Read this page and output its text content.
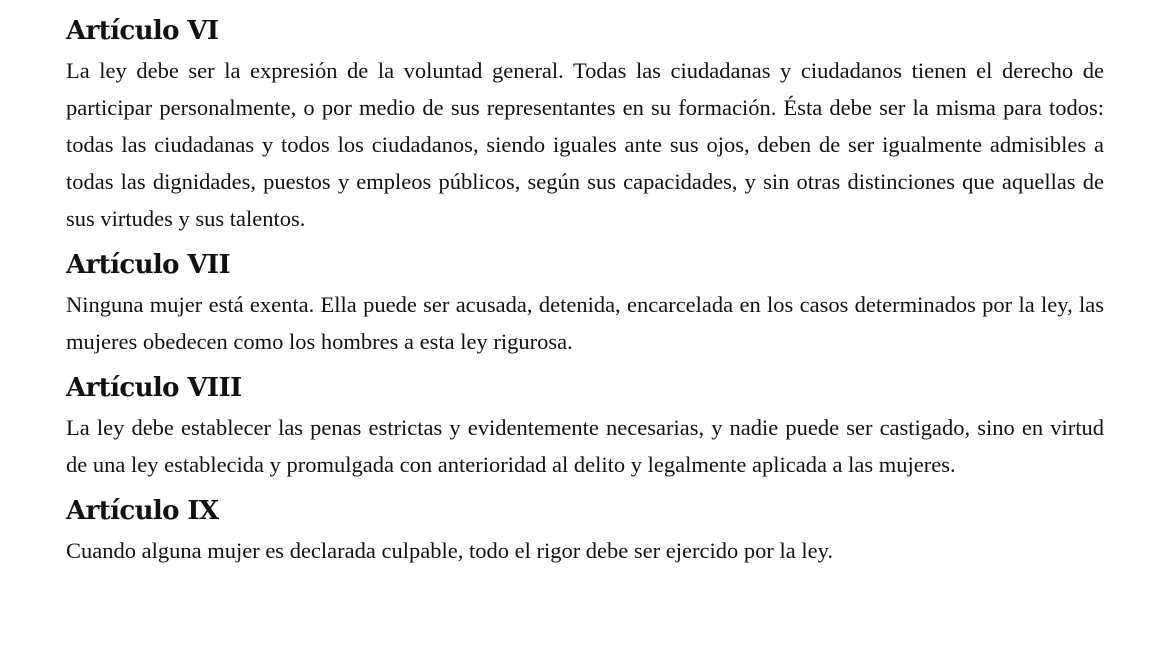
Artículo VI

La ley debe ser la expresión de la voluntad general. Todas las ciudadanas y ciudadanos tienen el derecho de participar personalmente, o por medio de sus representantes en su formación. Ésta debe ser la misma para todos: todas las ciudadanas y todos los ciudadanos, siendo iguales ante sus ojos, deben de ser igualmente admisibles a todas las dignidades, puestos y empleos públicos, según sus capacidades, y sin otras distinciones que aquellas de sus virtudes y sus talentos.

Artículo VII

Ninguna mujer está exenta. Ella puede ser acusada, detenida, encarcelada en los casos determinados por la ley, las mujeres obedecen como los hombres a esta ley rigurosa.

Artículo VIII

La ley debe establecer las penas estrictas y evidentemente necesarias, y nadie puede ser castigado, sino en virtud de una ley establecida y promulgada con anterioridad al delito y legalmente aplicada a las mujeres.

Artículo IX

Cuando alguna mujer es declarada culpable, todo el rigor debe ser ejercido por la ley.
